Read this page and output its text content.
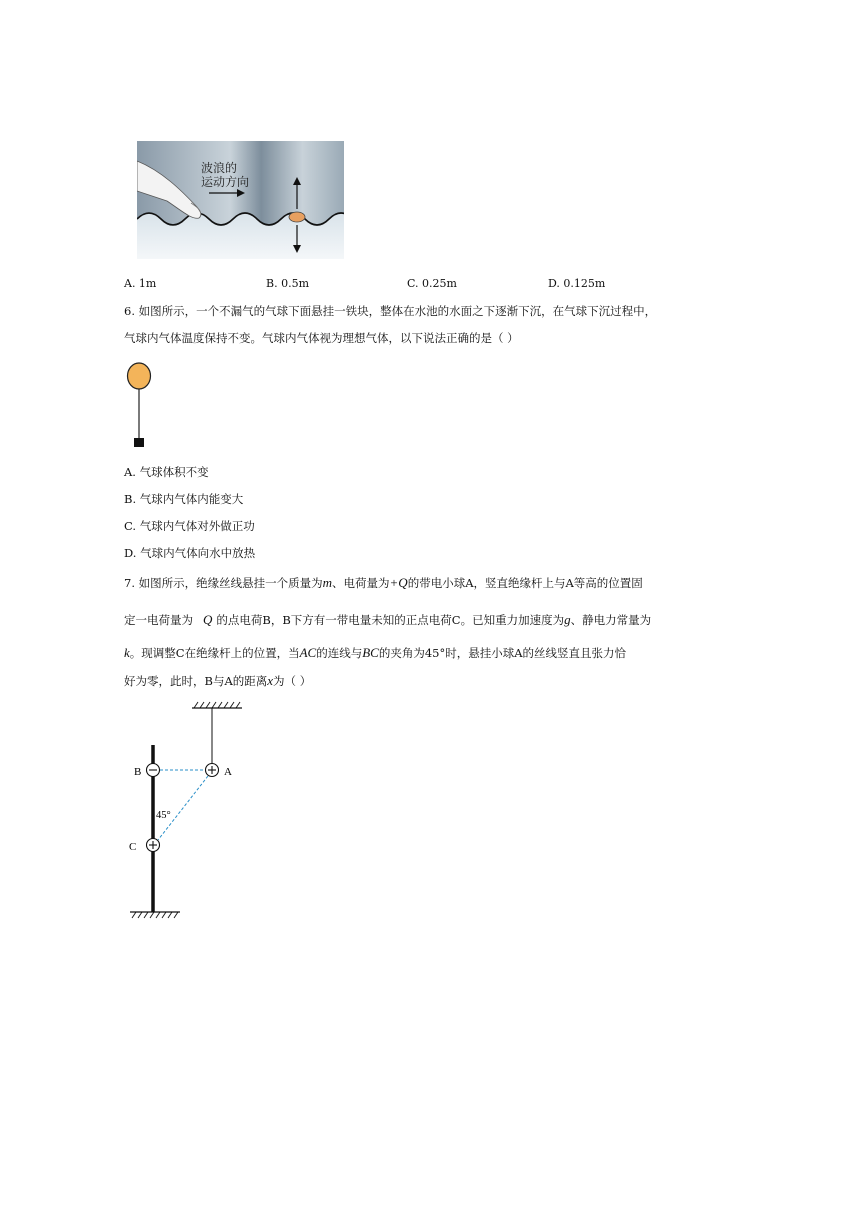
波浪的
运动方向
A. 1m	B. 0.5m	C. 0.25m	D. 0.125m
6. 如图所示，一个不漏气的气球下面悬挂一铁块，整体在水池的水面之下逐渐下沉，在气球下沉过程中，
气球内气体温度保持不变。气球内气体视为理想气体，以下说法正确的是（ ）
A. 气球体积不变
B. 气球内气体内能变大
C. 气球内气体对外做正功
D. 气球内气体向水中放热
7. 如图所示，绝缘丝线悬挂一个质量为m、电荷量为+Q的带电小球A，竖直绝缘杆上与A等高的位置固
定一电荷量为 Q 的点电荷B，B下方有一带电量未知的正点电荷C。已知重力加速度为g、静电力常量为
k。现调整C在绝缘杆上的位置，当AC的连线与BC的夹角为45°时，悬挂小球A的丝线竖直且张力恰
好为零，此时，B与A的距离x为（ ）
B	A
C
45°
